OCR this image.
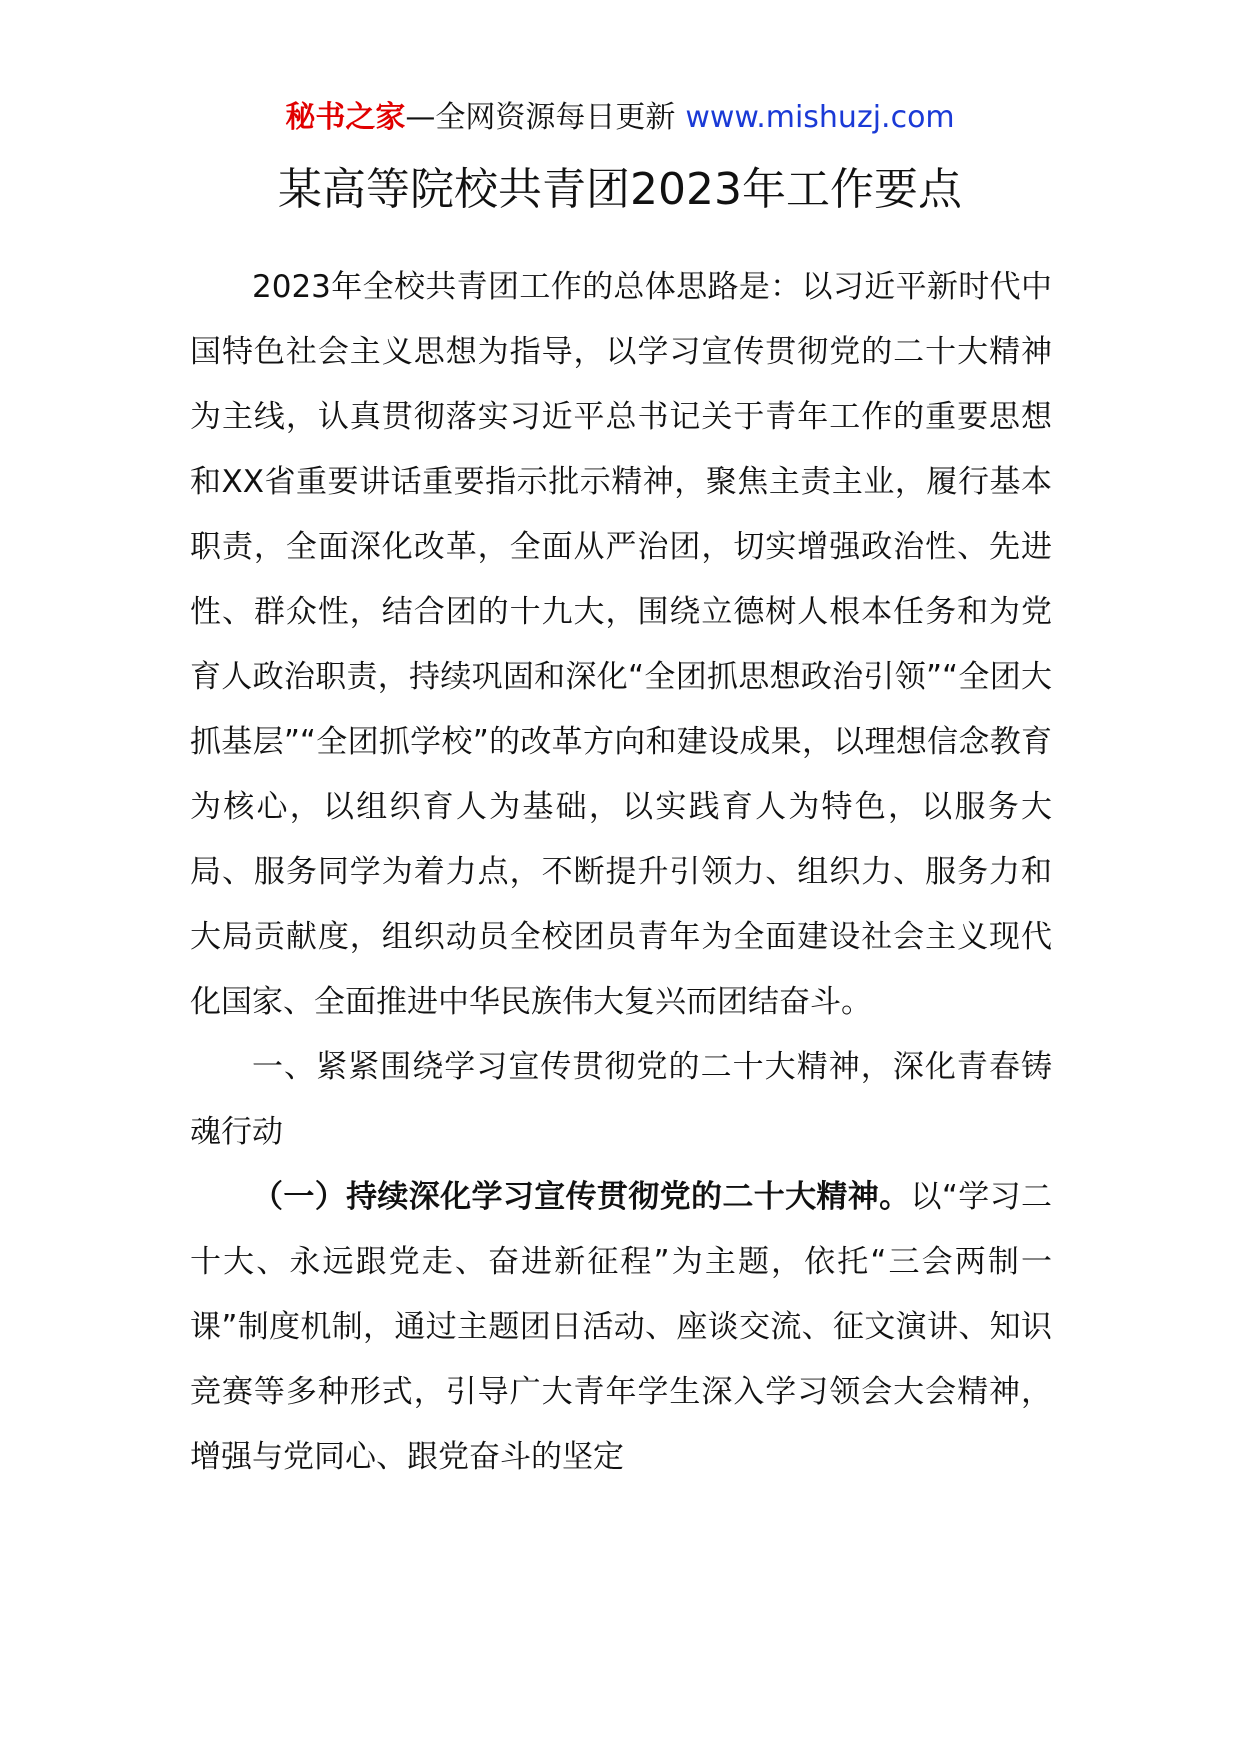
秘书之家—全网资源每日更新 www.mishuzj.com
某高等院校共青团2023年工作要点

2023年全校共青团工作的总体思路是：以习近平新时代中国特色社会主义思想为指导，以学习宣传贯彻党的二十大精神为主线，认真贯彻落实习近平总书记关于青年工作的重要思想和XX省重要讲话重要指示批示精神，聚焦主责主业，履行基本职责，全面深化改革，全面从严治团，切实增强政治性、先进性、群众性，结合团的十九大，围绕立德树人根本任务和为党育人政治职责，持续巩固和深化“全团抓思想政治引领”“全团大抓基层”“全团抓学校”的改革方向和建设成果，以理想信念教育为核心，以组织育人为基础，以实践育人为特色，以服务大局、服务同学为着力点，不断提升引领力、组织力、服务力和大局贡献度，组织动员全校团员青年为全面建设社会主义现代化国家、全面推进中华民族伟大复兴而团结奋斗。

一、紧紧围绕学习宣传贯彻党的二十大精神，深化青春铸魂行动

（一）持续深化学习宣传贯彻党的二十大精神。以“学习二十大、永远跟党走、奋进新征程”为主题，依托“三会两制一课”制度机制，通过主题团日活动、座谈交流、征文演讲、知识竞赛等多种形式，引导广大青年学生深入学习领会大会精神，增强与党同心、跟党奋斗的坚定
